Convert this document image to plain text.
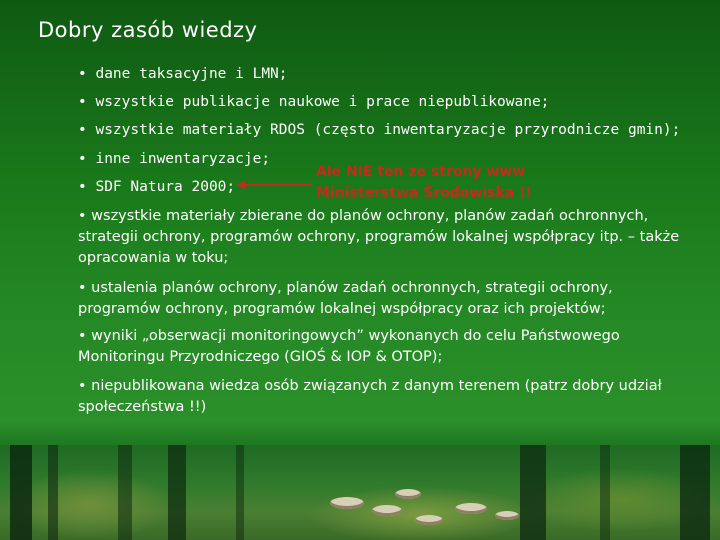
Dobry zasób wiedzy
• dane taksacyjne i LMN;
• wszystkie publikacje naukowe i prace niepublikowane;
• wszystkie materiały RDOS (często inwentaryzacje przyrodnicze gmin);
• inne inwentaryzacje;
• SDF Natura 2000;
Ale NIE ten ze strony www
Ministerstwa Środowiska !!
• wszystkie materiały zbierane do planów ochrony, planów zadań ochronnych, strategii ochrony, programów ochrony, programów lokalnej współpracy itp. – także opracowania w toku;
• ustalenia planów ochrony, planów zadań ochronnych, strategii ochrony, programów ochrony, programów lokalnej współpracy oraz ich projektów;
• wyniki „obserwacji monitoringowych” wykonanych do celu Państwowego Monitoringu Przyrodniczego (GIOŚ & IOP & OTOP);
• niepublikowana wiedza osób związanych z danym terenem (patrz dobry udział społeczeństwa !!)
